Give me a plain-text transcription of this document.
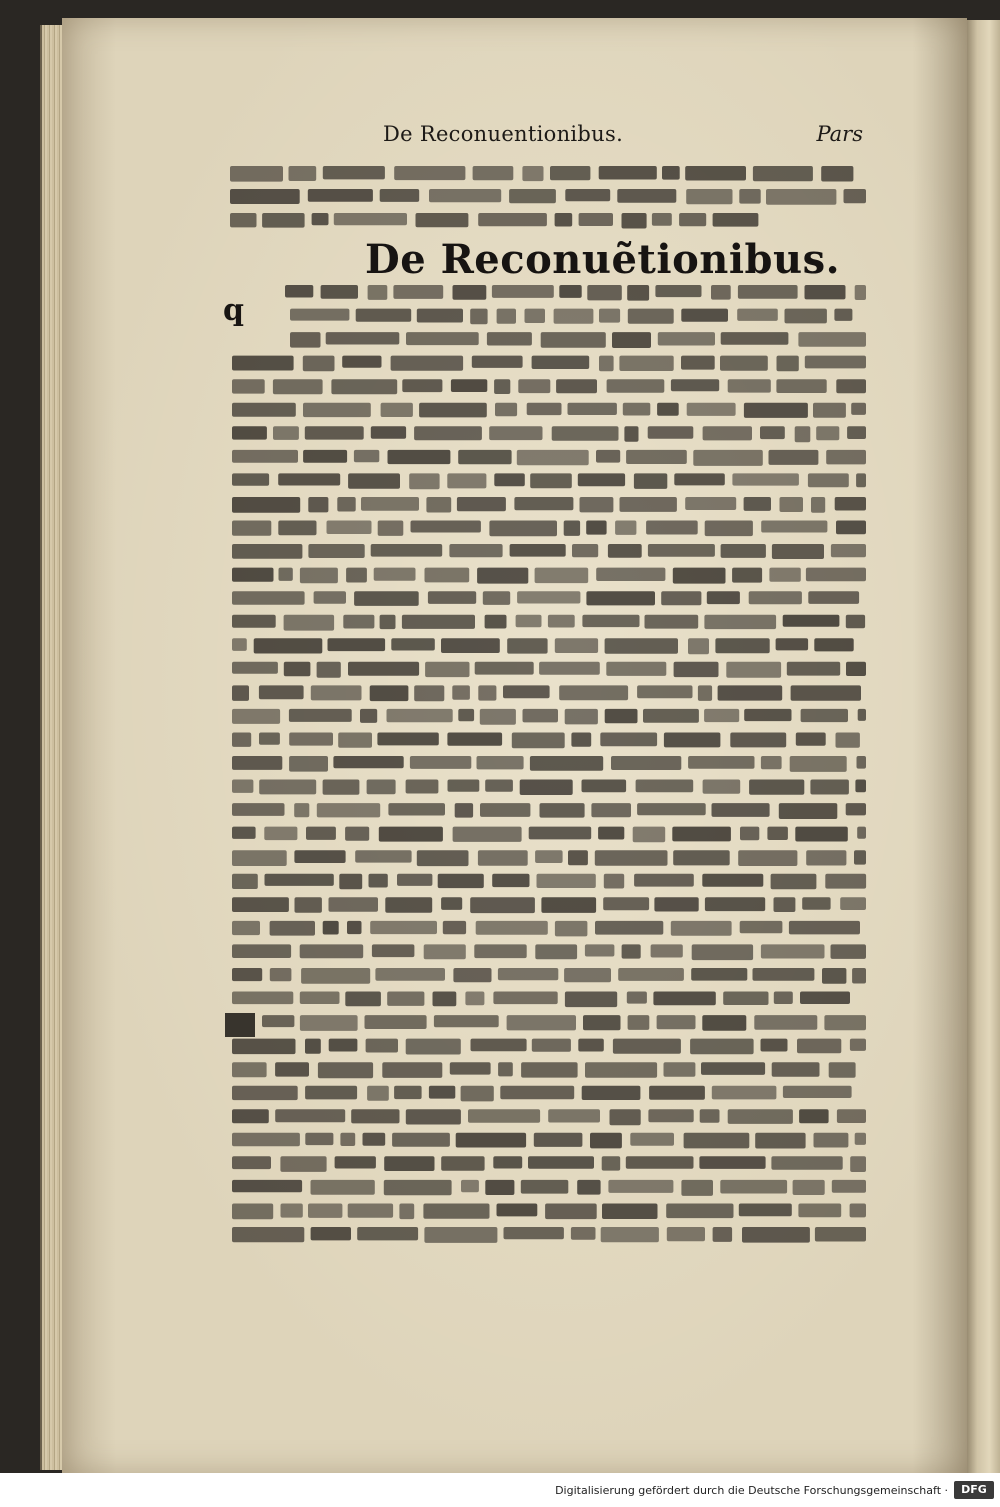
De Reconuentionibus.	Pars
q
De Reconuẽtionibus.
Digitalisierung gefördert durch die Deutsche Forschungsgemeinschaft ·	DFG
